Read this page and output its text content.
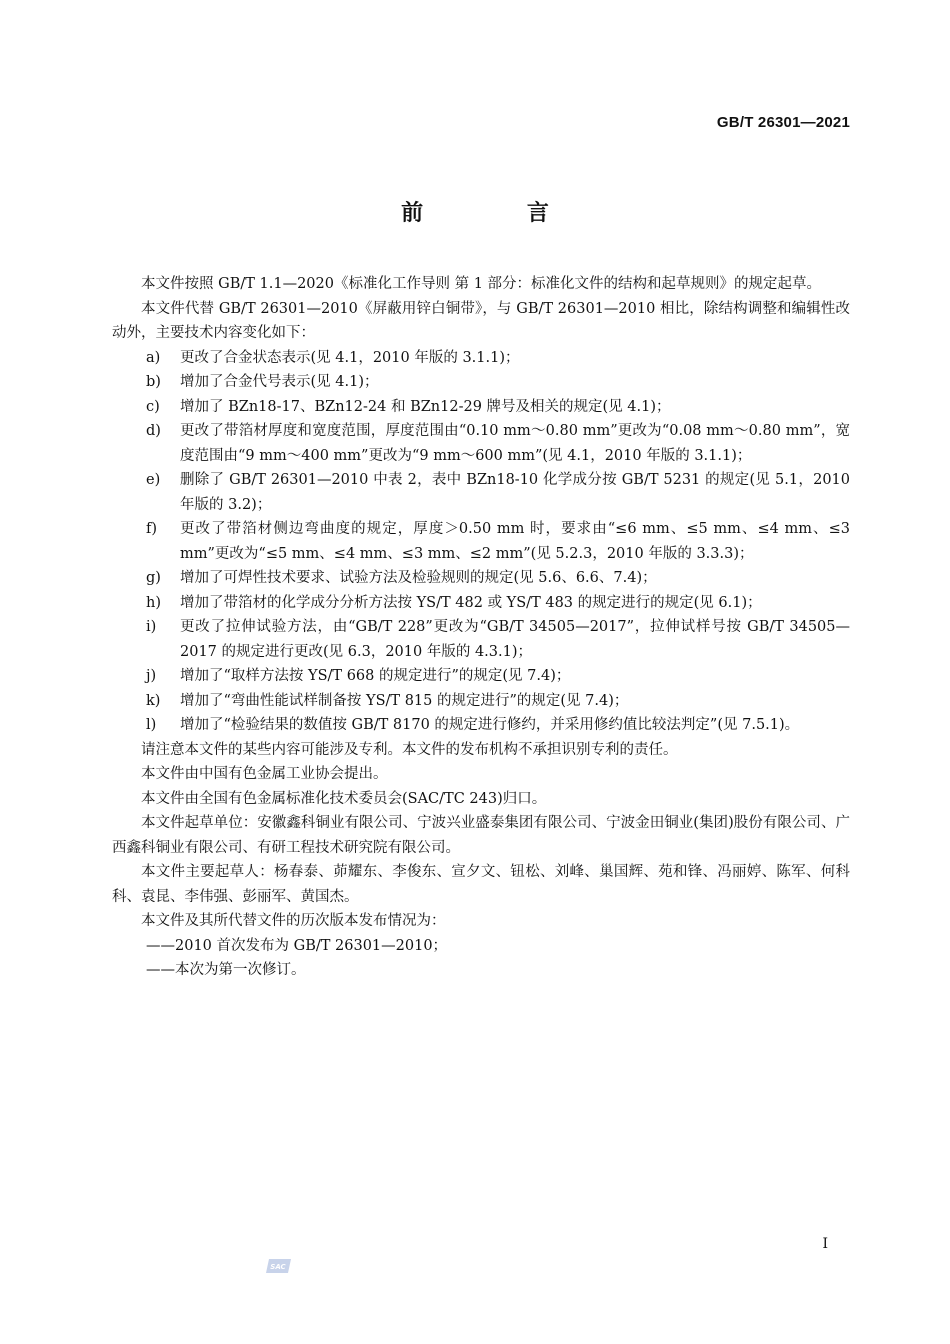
GB/T 26301—2021
前 言

本文件按照 GB/T 1.1—2020《标准化工作导则 第 1 部分：标准化文件的结构和起草规则》的规定起草。

本文件代替 GB/T 26301—2010《屏蔽用锌白铜带》，与 GB/T 26301—2010 相比，除结构调整和编辑性改动外，主要技术内容变化如下：

a)	更改了合金状态表示(见 4.1，2010 年版的 3.1.1)；
b)	增加了合金代号表示(见 4.1)；
c)	增加了 BZn18-17、BZn12-24 和 BZn12-29 牌号及相关的规定(见 4.1)；
d)	更改了带箔材厚度和宽度范围，厚度范围由“0.10 mm～0.80 mm”更改为“0.08 mm～0.80 mm”，宽度范围由“9 mm～400 mm”更改为“9 mm～600 mm”(见 4.1，2010 年版的 3.1.1)；
e)	删除了 GB/T 26301—2010 中表 2，表中 BZn18-10 化学成分按 GB/T 5231 的规定(见 5.1，2010 年版的 3.2)；
f)	更改了带箔材侧边弯曲度的规定，厚度＞0.50 mm 时，要求由“≤6 mm、≤5 mm、≤4 mm、≤3 mm”更改为“≤5 mm、≤4 mm、≤3 mm、≤2 mm”(见 5.2.3，2010 年版的 3.3.3)；
g)	增加了可焊性技术要求、试验方法及检验规则的规定(见 5.6、6.6、7.4)；
h)	增加了带箔材的化学成分分析方法按 YS/T 482 或 YS/T 483 的规定进行的规定(见 6.1)；
i)	更改了拉伸试验方法，由“GB/T 228”更改为“GB/T 34505—2017”，拉伸试样号按 GB/T 34505—2017 的规定进行更改(见 6.3，2010 年版的 4.3.1)；
j)	增加了“取样方法按 YS/T 668 的规定进行”的规定(见 7.4)；
k)	增加了“弯曲性能试样制备按 YS/T 815 的规定进行”的规定(见 7.4)；
l)	增加了“检验结果的数值按 GB/T 8170 的规定进行修约，并采用修约值比较法判定”(见 7.5.1)。

请注意本文件的某些内容可能涉及专利。本文件的发布机构不承担识别专利的责任。

本文件由中国有色金属工业协会提出。

本文件由全国有色金属标准化技术委员会(SAC/TC 243)归口。

本文件起草单位：安徽鑫科铜业有限公司、宁波兴业盛泰集团有限公司、宁波金田铜业(集团)股份有限公司、广西鑫科铜业有限公司、有研工程技术研究院有限公司。

本文件主要起草人：杨春泰、茆耀东、李俊东、宣夕文、钮松、刘峰、巢国辉、苑和锋、冯丽婷、陈军、何科科、袁昆、李伟强、彭丽军、黄国杰。

本文件及其所代替文件的历次版本发布情况为：

——2010 首次发布为 GB/T 26301—2010；
——本次为第一次修订。
I
SAC
